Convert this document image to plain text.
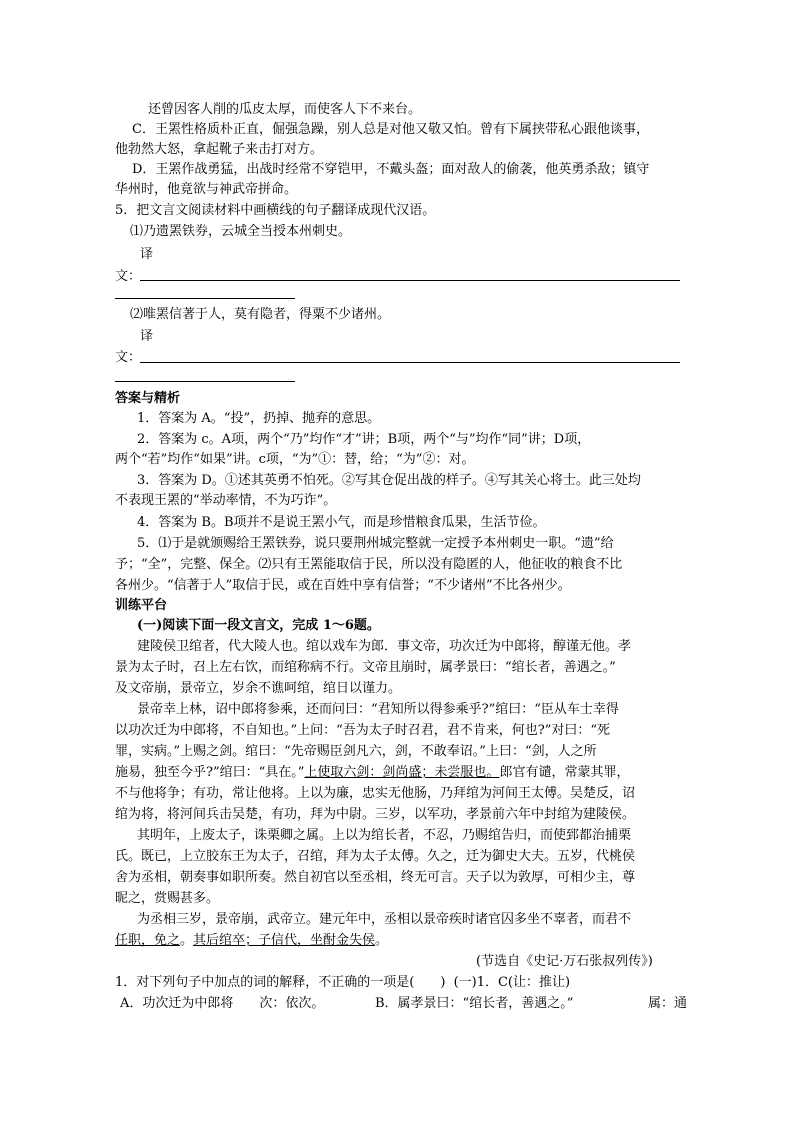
还曾因客人削的瓜皮太厚，而使客人下不来台。
C．王罴性格质朴正直，倔强急躁，别人总是对他又敬又怕。曾有下属挟带私心跟他谈事，
他勃然大怒，拿起靴子来击打对方。
D．王罴作战勇猛，出战时经常不穿铠甲，不戴头盔；面对敌人的偷袭，他英勇杀敌；镇守
华州时，他竟欲与神武帝拼命。
5．把文言文阅读材料中画横线的句子翻译成现代汉语。
⑴乃遗罴铁券，云城全当授本州刺史。
译
文：
⑵唯罴信著于人，莫有隐者，得粟不少诸州。
译
文：
答案与精析
1．答案为 A。“投”，扔掉、抛弃的意思。
2．答案为 c。A项，两个“乃”均作“才”讲；B项，两个“与”均作“同”讲；D项，
两个“若”均作“如果”讲。c项，“为”①：替，给；“为”②：对。
3．答案为 D。①述其英勇不怕死。②写其仓促出战的样子。④写其关心将士。此三处均
不表现王罴的“举动率情，不为巧诈”。
4．答案为 B。B项并不是说王罴小气，而是珍惜粮食瓜果，生活节俭。
5．⑴于是就颁赐给王罴铁券，说只要荆州城完整就一定授予本州刺史一职。“遗”给
予；“全”，完整、保全。⑵只有王罴能取信于民，所以没有隐匿的人，他征收的粮食不比
各州少。“信著于人”取信于民，或在百姓中享有信誉；“不少诸州”不比各州少。
训练平台
(一)阅读下面一段文言文，完成 1～6题。
建陵侯卫绾者，代大陵人也。绾以戏车为郎．事文帝，功次迁为中郎将，醇谨无他。孝
景为太子时，召上左右饮，而绾称病不行。文帝且崩时，属孝景曰：“绾长者，善遇之。”
及文帝崩，景帝立，岁余不谯呵绾，绾日以谨力。
景帝幸上林，诏中郎将参乘，还而问曰：“君知所以得参乘乎?”绾曰：“臣从车士幸得
以功次迁为中郎将，不自知也。”上问：“吾为太子时召君，君不肯来，何也?”对曰：“死
罪，实病。”上赐之剑。绾曰：“先帝赐臣剑凡六，剑，不敢奉诏。”上曰：“剑，人之所
施易，独至今乎?”绾曰：“具在。”上使取六剑：剑尚盛；未尝服也。郎官有谴，常蒙其罪，
不与他将争；有功，常让他将。上以为廉，忠实无他肠，乃拜绾为河间王太傅。吴楚反，诏
绾为将，将河间兵击吴楚，有功，拜为中尉。三岁，以军功，孝景前六年中封绾为建陵侯。
其明年，上废太子，诛栗卿之属。上以为绾长者，不忍，乃赐绾告归，而使郅都治捕栗
氏。既已，上立胶东王为太子，召绾，拜为太子太傅。久之，迁为御史大夫。五岁，代桃侯
舍为丞相，朝奏事如职所奏。然自初官以至丞相，终无可言。天子以为敦厚，可相少主，尊
昵之，赏赐甚多。
为丞相三岁，景帝崩，武帝立。建元年中，丞相以景帝疾时诸官囚多坐不辜者，而君不
任职，免之。其后绾卒；子信代，坐酎金失侯。
(节选自《史记·万石张叔列传》)
1．对下列句子中加点的词的解释，不正确的一项是(　　) (一)1．C(让：推让)
A．功次迁为中郎将　　次：依次。	B．属孝景曰：“绾长者，善遇之。”	属：通
